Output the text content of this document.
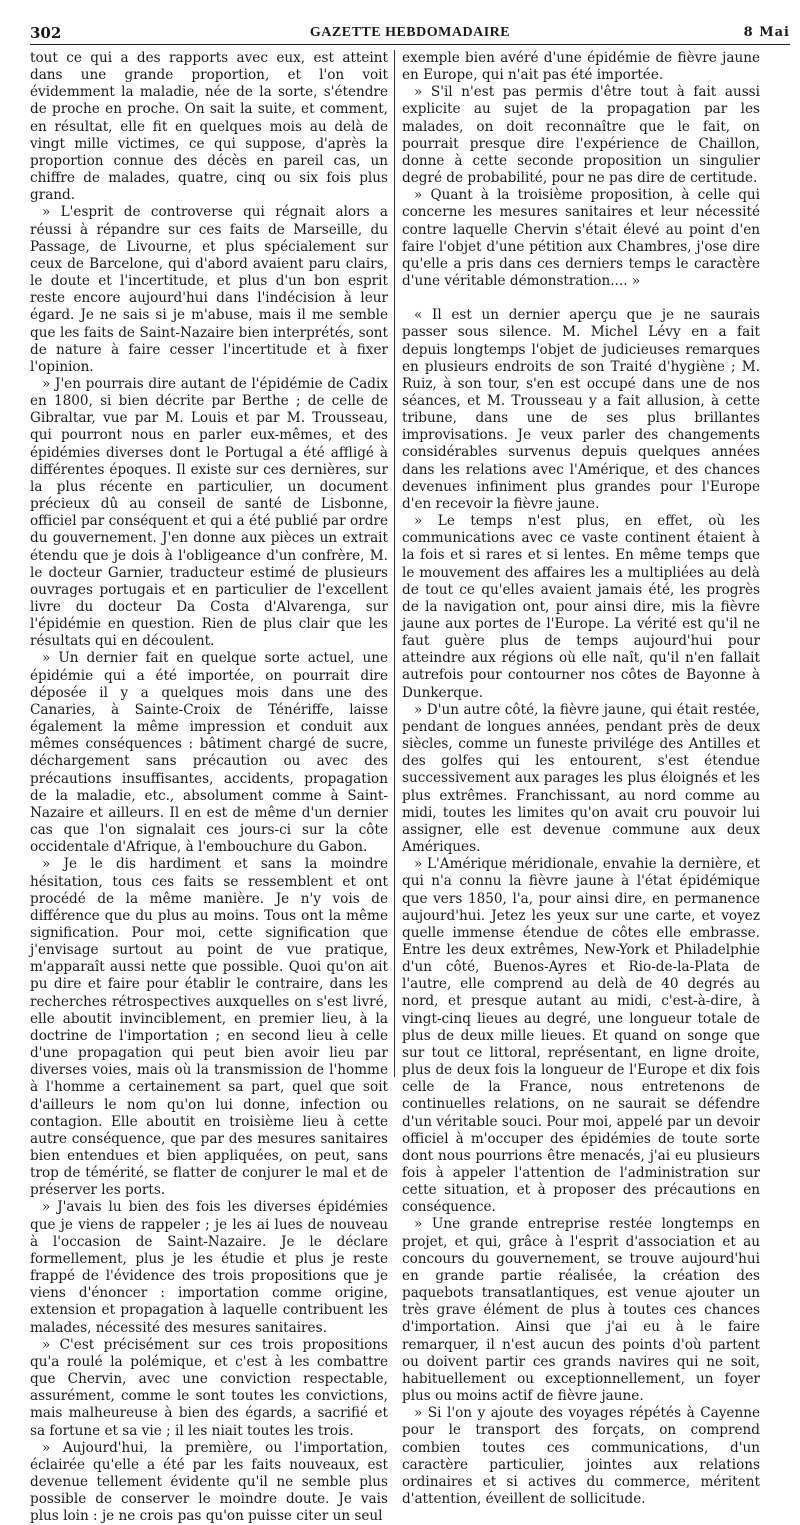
302	GAZETTE HEBDOMADAIRE	8 Mai

tout ce qui a des rapports avec eux, est atteint dans une grande proportion, et l'on voit évidemment la maladie, née de la sorte, s'étendre de proche en proche. On sait la suite, et comment, en résultat, elle fit en quelques mois au delà de vingt mille victimes, ce qui suppose, d'après la proportion connue des décès en pareil cas, un chiffre de malades, quatre, cinq ou six fois plus grand.

» L'esprit de controverse qui régnait alors a réussi à répandre sur ces faits de Marseille, du Passage, de Livourne, et plus spécialement sur ceux de Barcelone, qui d'abord avaient paru clairs, le doute et l'incertitude, et plus d'un bon esprit reste encore aujourd'hui dans l'indécision à leur égard. Je ne sais si je m'abuse, mais il me semble que les faits de Saint-Nazaire bien interprétés, sont de nature à faire cesser l'incertitude et à fixer l'opinion.

» J'en pourrais dire autant de l'épidémie de Cadix en 1800, si bien décrite par Berthe ; de celle de Gibraltar, vue par M. Louis et par M. Trousseau, qui pourront nous en parler eux-mêmes, et des épidémies diverses dont le Portugal a été affligé à différentes époques. Il existe sur ces dernières, sur la plus récente en particulier, un document précieux dû au conseil de santé de Lisbonne, officiel par conséquent et qui a été publié par ordre du gouvernement. J'en donne aux pièces un extrait étendu que je dois à l'obligeance d'un confrère, M. le docteur Garnier, traducteur estimé de plusieurs ouvrages portugais et en particulier de l'excellent livre du docteur Da Costa d'Alvarenga, sur l'épidémie en question. Rien de plus clair que les résultats qui en découlent.

» Un dernier fait en quelque sorte actuel, une épidémie qui a été importée, on pourrait dire déposée il y a quelques mois dans une des Canaries, à Sainte-Croix de Ténériffe, laisse également la même impression et conduit aux mêmes conséquences : bâtiment chargé de sucre, déchargement sans précaution ou avec des précautions insuffisantes, accidents, propagation de la maladie, etc., absolument comme à Saint-Nazaire et ailleurs. Il en est de même d'un dernier cas que l'on signalait ces jours-ci sur la côte occidentale d'Afrique, à l'embouchure du Gabon.

» Je le dis hardiment et sans la moindre hésitation, tous ces faits se ressemblent et ont procédé de la même manière. Je n'y vois de différence que du plus au moins. Tous ont la même signification. Pour moi, cette signification que j'envisage surtout au point de vue pratique, m'apparaît aussi nette que possible. Quoi qu'on ait pu dire et faire pour établir le contraire, dans les recherches rétrospectives auxquelles on s'est livré, elle aboutit invinciblement, en premier lieu, à la doctrine de l'importation ; en second lieu à celle d'une propagation qui peut bien avoir lieu par diverses voies, mais où la transmission de l'homme à l'homme a certainement sa part, quel que soit d'ailleurs le nom qu'on lui donne, infection ou contagion. Elle aboutit en troisième lieu à cette autre conséquence, que par des mesures sanitaires bien entendues et bien appliquées, on peut, sans trop de témérité, se flatter de conjurer le mal et de préserver les ports.

» J'avais lu bien des fois les diverses épidémies que je viens de rappeler ; je les ai lues de nouveau à l'occasion de Saint-Nazaire. Je le déclare formellement, plus je les étudie et plus je reste frappé de l'évidence des trois propositions que je viens d'énoncer : importation comme origine, extension et propagation à laquelle contribuent les malades, nécessité des mesures sanitaires.

» C'est précisément sur ces trois propositions qu'a roulé la polémique, et c'est à les combattre que Chervin, avec une conviction respectable, assurément, comme le sont toutes les convictions, mais malheureuse à bien des égards, a sacrifié et sa fortune et sa vie ; il les niait toutes les trois.

» Aujourd'hui, la première, ou l'importation, éclairée qu'elle a été par les faits nouveaux, est devenue tellement évidente qu'il ne semble plus possible de conserver le moindre doute. Je vais plus loin : je ne crois pas qu'on puisse citer un seul

exemple bien avéré d'une épidémie de fièvre jaune en Europe, qui n'ait pas été importée.

» S'il n'est pas permis d'être tout à fait aussi explicite au sujet de la propagation par les malades, on doit reconnaître que le fait, on pourrait presque dire l'expérience de Chaillon, donne à cette seconde proposition un singulier degré de probabilité, pour ne pas dire de certitude.

» Quant à la troisième proposition, à celle qui concerne les mesures sanitaires et leur nécessité contre laquelle Chervin s'était élevé au point d'en faire l'objet d'une pétition aux Chambres, j'ose dire qu'elle a pris dans ces derniers temps le caractère d'une véritable démonstration.... »

« Il est un dernier aperçu que je ne saurais passer sous silence. M. Michel Lévy en a fait depuis longtemps l'objet de judicieuses remarques en plusieurs endroits de son Traité d'hygiène ; M. Ruiz, à son tour, s'en est occupé dans une de nos séances, et M. Trousseau y a fait allusion, à cette tribune, dans une de ses plus brillantes improvisations. Je veux parler des changements considérables survenus depuis quelques années dans les relations avec l'Amérique, et des chances devenues infiniment plus grandes pour l'Europe d'en recevoir la fièvre jaune.

» Le temps n'est plus, en effet, où les communications avec ce vaste continent étaient à la fois et si rares et si lentes. En même temps que le mouvement des affaires les a multipliées au delà de tout ce qu'elles avaient jamais été, les progrès de la navigation ont, pour ainsi dire, mis la fièvre jaune aux portes de l'Europe. La vérité est qu'il ne faut guère plus de temps aujourd'hui pour atteindre aux régions où elle naît, qu'il n'en fallait autrefois pour contourner nos côtes de Bayonne à Dunkerque.

» D'un autre côté, la fièvre jaune, qui était restée, pendant de longues années, pendant près de deux siècles, comme un funeste privilége des Antilles et des golfes qui les entourent, s'est étendue successivement aux parages les plus éloignés et les plus extrêmes. Franchissant, au nord comme au midi, toutes les limites qu'on avait cru pouvoir lui assigner, elle est devenue commune aux deux Amériques.

» L'Amérique méridionale, envahie la dernière, et qui n'a connu la fièvre jaune à l'état épidémique que vers 1850, l'a, pour ainsi dire, en permanence aujourd'hui. Jetez les yeux sur une carte, et voyez quelle immense étendue de côtes elle embrasse. Entre les deux extrêmes, New-York et Philadelphie d'un côté, Buenos-Ayres et Rio-de-la-Plata de l'autre, elle comprend au delà de 40 degrés au nord, et presque autant au midi, c'est-à-dire, à vingt-cinq lieues au degré, une longueur totale de plus de deux mille lieues. Et quand on songe que sur tout ce littoral, représentant, en ligne droite, plus de deux fois la longueur de l'Europe et dix fois celle de la France, nous entretenons de continuelles relations, on ne saurait se défendre d'un véritable souci. Pour moi, appelé par un devoir officiel à m'occuper des épidémies de toute sorte dont nous pourrions être menacés, j'ai eu plusieurs fois à appeler l'attention de l'administration sur cette situation, et à proposer des précautions en conséquence.

» Une grande entreprise restée longtemps en projet, et qui, grâce à l'esprit d'association et au concours du gouvernement, se trouve aujourd'hui en grande partie réalisée, la création des paquebots transatlantiques, est venue ajouter un très grave élément de plus à toutes ces chances d'importation. Ainsi que j'ai eu à le faire remarquer, il n'est aucun des points d'où partent ou doivent partir ces grands navires qui ne soit, habituellement ou exceptionnellement, un foyer plus ou moins actif de fièvre jaune.

» Si l'on y ajoute des voyages répétés à Cayenne pour le transport des forçats, on comprend combien toutes ces communications, d'un caractère particulier, jointes aux relations ordinaires et si actives du commerce, méritent d'attention, éveillent de sollicitude.
